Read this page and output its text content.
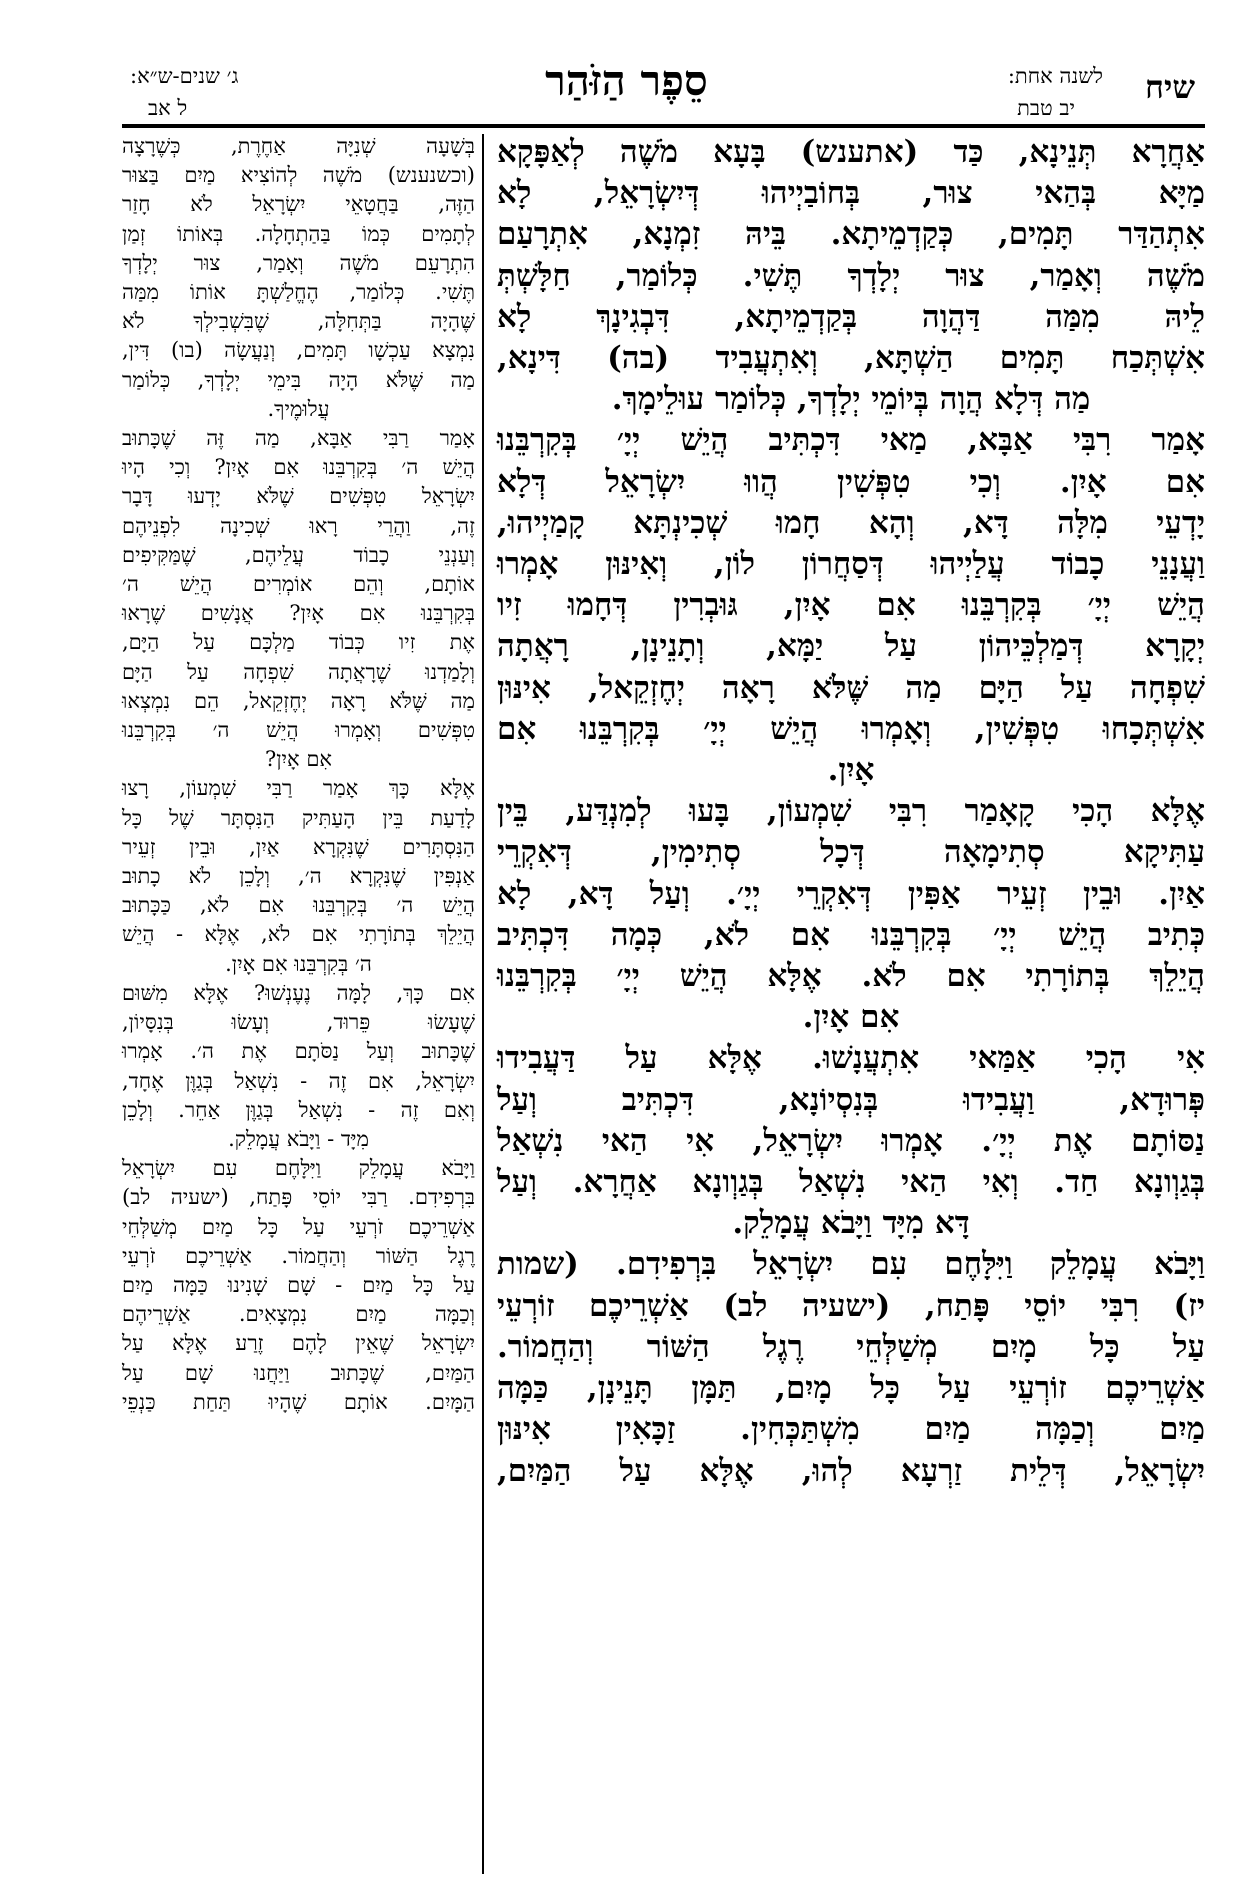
שיח
לשנה אחת:
יב טבת
סֵפֶר הַזֹּהַר
ג׳ שנים-ש״א:
ל אב

אַחֲרָא תְּנֵינָא, כַּד (אתענש) בָּעָא מֹשֶׁה לְאַפָּקָא

מַיָּא בְּהַאי צוּר, בְּחוֹבַיְיהוּ דְּיִשְׂרָאֵל, לָא

אִתְהַדַּר תָּמִים, כְּקַדְמֵיתָא. בֵּיהּ זִמְנָא, אִתְרָעַם

מֹשֶׁה וְאָמַר, צוּר יְלָדְךָ תֶּשִׁי. כְּלוֹמַר, חַלָּשְׁתְּ

לֵיהּ מִמַּה דַּהֲוָה בְּקַדְמֵיתָא, דִּבְגִינָךְ לָא

אִשְׁתְּכַח תָּמִים הַשְׁתָּא, וְאִתְעֲבִיד (בה) דִּינָא,

מַה דְּלָא הֲוָה בְּיוֹמֵי יְלָדְךָ, כְּלוֹמַר עוּלֵימָךְ.

אָמַר רִבִּי אַבָּא, מַאי דִּכְתִּיב הֲיֵשׁ יְיָ׳ בְּקִרְבֵּנוּ

אִם אָיִן. וְכִי טִפְּשִׁין הֲווּ יִשְׂרָאֵל דְּלָא

יָדְעֵי מִלָּה דָּא, וְהָא חָמוּ שְׁכִינְתָּא קָמַיְיהוּ,

וַעֲנָנֵי כָבוֹד עֲלַיְיהוּ דְּסַחֲרוֹן לוֹן, וְאִינּוּן אָמְרוּ

הֲיֵשׁ יְיָ׳ בְּקִרְבֵּנוּ אִם אָיִן, גּוּבְרִין דְּחָמוּ זִיו

יְקָרָא דְּמַלְכֵּיהוֹן עַל יַמָּא, וְתָנֵינָן, רָאֲתָה

שִׁפְחָה עַל הַיָּם מַה שֶּׁלֹּא רָאָה יְחֶזְקֵאל, אִינּוּן

אִשְׁתְּכָחוּ טִפְּשִׁין, וְאָמְרוּ הֲיֵשׁ יְיָ׳ בְּקִרְבֵּנוּ אִם

אָיִן.

אֶלָּא הָכִי קָאָמַר רִבִּי שִׁמְעוֹן, בָּעוּ לְמִנְדַּע, בֵּין

עַתִּיקָא סְתִימָאָה דְּכָל סְתִימִין, דְּאִקְרֵי

אַיִן. וּבֵין זְעֵיר אַפִּין דְּאִקְרֵי יְיָ׳. וְעַל דָּא, לָא

כְּתִיב הֲיֵשׁ יְיָ׳ בְּקִרְבֵּנוּ אִם לֹא, כְּמָה דִּכְתִּיב

הֲיֵלֵךְ בְּתוֹרָתִי אִם לֹא. אֶלָּא הֲיֵשׁ יְיָ׳ בְּקִרְבֵּנוּ

אִם אָיִן.

אִי הָכִי אַמַּאי אִתְעֲנָשׁוּ. אֶלָּא עַל דַּעֲבִידוּ

פְּרוּדָא, וַעֲבִידוּ בְּנִסְיוֹנָא, דִּכְתִּיב וְעַל

נַסּוֹתָם אֶת יְיָ׳. אָמְרוּ יִשְׂרָאֵל, אִי הַאי נִשְׁאַל

בְּגַוְונָא חַד. וְאִי הַאי נִשְׁאַל בְּגַוְונָא אַחֲרָא. וְעַל

דָּא מִיָּד וַיָּבֹא עֲמָלֵק.

וַיָּבֹא עֲמָלֵק וַיִּלָּחֶם עִם יִשְׂרָאֵל בִּרְפִידִם. (שמות

יז) רִבִּי יוֹסֵי פָּתַח, (ישעיה לב) אַשְׁרֵיכֶם זוֹרְעֵי

עַל כָּל מָיִם מְשַׁלְּחֵי רֶגֶל הַשּׁוֹר וְהַחֲמוֹר.

אַשְׁרֵיכֶם זוֹרְעֵי עַל כָּל מָיִם, תַּמָּן תָּנֵינָן, כַּמָּה

מַיִם וְכַמָּה מַיִם מִשְׁתַּכְּחִין. זַכָּאִין אִינּוּן

יִשְׂרָאֵל, דְּלֵית זַרְעָא לְהוּ, אֶלָּא עַל הַמַּיִם,

בְּשָׁעָה שְׁנִיָּה אַחֶרֶת, כְּשֶׁרָצָה

(וכשנענש) מֹשֶׁה לְהוֹצִיא מַיִם בַּצּוּר

הַזֶּה, בַּחֲטָאֵי יִשְׂרָאֵל לֹא חָזַר

לְתָמִים כְּמוֹ בַּהַתְחָלָה. בְּאוֹתוֹ זְמַן

הִתְרָעֵם מֹשֶׁה וְאָמַר, צוּר יְלָדְךָ

תֶּשִׁי. כְּלוֹמַר, הֶחֱלַשְׁתָּ אוֹתוֹ מִמַּה

שֶּׁהָיָה בַּתְּחִלָּה, שֶׁבִּשְׁבִילְךָ לֹא

נִמְצָא עַכְשָׁו תָּמִים, וְנַעֲשָׂה (בו) דִּין,

מַה שֶּׁלֹּא הָיָה בִּימֵי יְלָדְךָ, כְּלוֹמַר

עֲלוּמֶיךָ.

אָמַר רַבִּי אַבָּא, מַה זֶּה שֶׁכָּתוּב

הֲיֵשׁ ה׳ בְּקִרְבֵּנוּ אִם אָיִן? וְכִי הָיוּ

יִשְׂרָאֵל טִפְּשִׁים שֶׁלֹּא יָדְעוּ דָּבָר

זֶה, וַהֲרֵי רָאוּ שְׁכִינָה לִפְנֵיהֶם

וְעַנְנֵי כָבוֹד עֲלֵיהֶם, שֶׁמַּקִּיפִים

אוֹתָם, וְהֵם אוֹמְרִים הֲיֵשׁ ה׳

בְּקִרְבֵּנוּ אִם אָיִן? אֲנָשִׁים שֶׁרָאוּ

אֶת זִיו כְּבוֹד מַלְכָּם עַל הַיָּם,

וְלָמַדְנוּ שֶׁרָאֲתָה שִׁפְחָה עַל הַיָּם

מַה שֶּׁלֹּא רָאָה יְחֶזְקֵאל, הֵם נִמְצְאוּ

טִפְּשִׁים וְאָמְרוּ הֲיֵשׁ ה׳ בְּקִרְבֵּנוּ

אִם אָיִן?

אֶלָּא כָּךְ אָמַר רַבִּי שִׁמְעוֹן, רָצוּ

לָדַעַת בֵּין הָעַתִּיק הַנִּסְתָּר שֶׁל כָּל

הַנִּסְתָּרִים שֶׁנִּקְרָא אַיִן, וּבֵין זְעֵיר

אַנְפִּין שֶׁנִּקְרָא ה׳, וְלָכֵן לֹא כָתוּב

הֲיֵשׁ ה׳ בְּקִרְבֵּנוּ אִם לֹא, כַּכָּתוּב

הֲיֵלֵךְ בְּתוֹרָתִי אִם לֹא, אֶלָּא - הֲיֵשׁ

ה׳ בְּקִרְבֵּנוּ אִם אָיִן.

אִם כָּךְ, לָמָּה נֶעֶנְשׁוּ? אֶלָּא מִשּׁוּם

שֶׁעָשׂוּ פֵּרוּד, וְעָשׂוּ בְּנִסָּיוֹן,

שֶׁכָּתוּב וְעַל נַסֹּתָם אֶת ה׳. אָמְרוּ

יִשְׂרָאֵל, אִם זֶה - נִשְׁאַל בְּגַוֶּן אֶחָד,

וְאִם זֶה - נִשְׁאַל בְּגַוֶּן אַחֵר. וְלָכֵן

מִיָּד - וַיָּבֹא עֲמָלֵק.

וַיָּבֹא עֲמָלֵק וַיִּלָּחֶם עִם יִשְׂרָאֵל

בִּרְפִידִם. רַבִּי יוֹסֵי פָּתַח, (ישעיה לב)

אַשְׁרֵיכֶם זֹרְעֵי עַל כָּל מַיִם מְשַׁלְּחֵי

רֶגֶל הַשּׁוֹר וְהַחֲמוֹר. אַשְׁרֵיכֶם זֹרְעֵי

עַל כָּל מַיִם - שָׁם שָׁנִינוּ כַּמָּה מַיִם

וְכַמָּה מַיִם נִמְצָאִים. אַשְׁרֵיהֶם

יִשְׂרָאֵל שֶׁאֵין לָהֶם זֶרַע אֶלָּא עַל

הַמַּיִם, שֶׁכָּתוּב וַיַּחֲנוּ שָׁם עַל

הַמָּיִם. אוֹתָם שֶׁהָיוּ תַּחַת כַּנְפֵי
